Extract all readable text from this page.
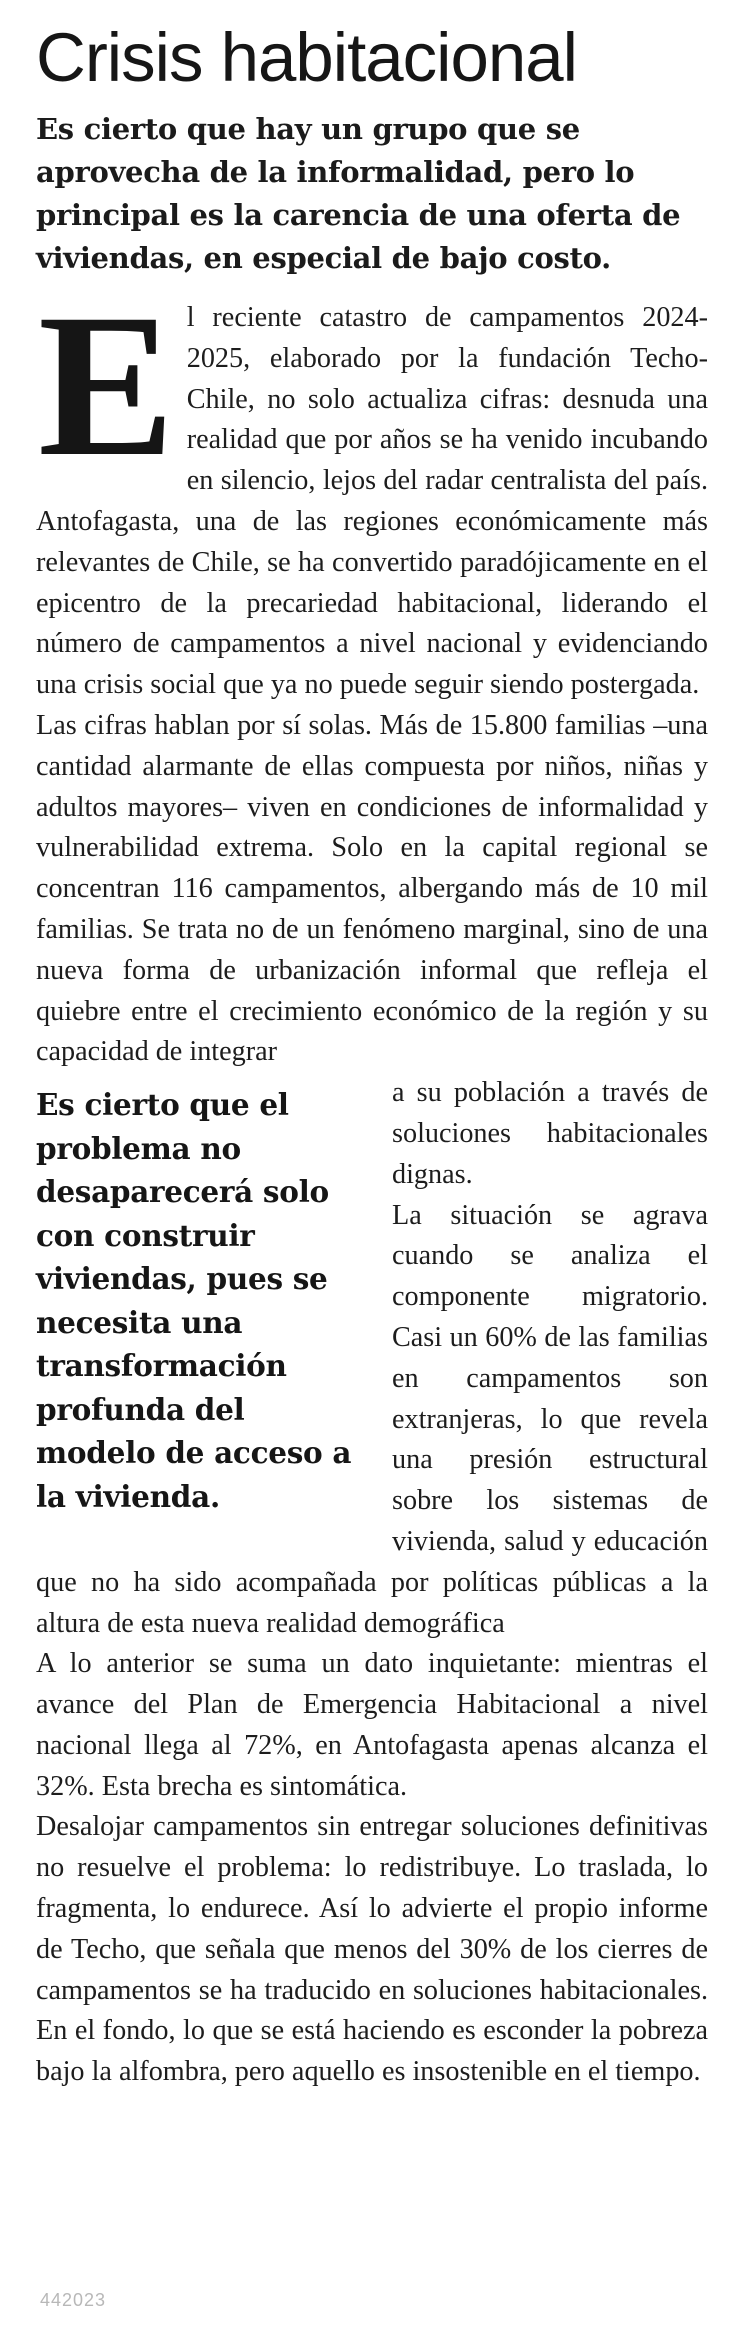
Crisis habitacional
Es cierto que hay un grupo que se aprovecha de la informalidad, pero lo principal es la carencia de una oferta de viviendas, en especial de bajo costo.
E l reciente catastro de campamentos 2024-2025, elaborado por la fundación Techo-Chile, no solo actualiza cifras: desnuda una realidad que por años se ha venido incubando en silencio, lejos del radar centralista del país. Antofagasta, una de las regiones económicamente más relevantes de Chile, se ha convertido paradójicamente en el epicentro de la precariedad habitacional, liderando el número de campamentos a nivel nacional y evidenciando una crisis social que ya no puede seguir siendo postergada.

Las cifras hablan por sí solas. Más de 15.800 familias –una cantidad alarmante de ellas compuesta por niños, niñas y adultos mayores– viven en condiciones de informalidad y vulnerabilidad extrema. Solo en la capital regional se concentran 116 campamentos, albergando más de 10 mil familias. Se trata no de un fenómeno marginal, sino de una nueva forma de urbanización informal que refleja el quiebre entre el crecimiento económico de la región y su capacidad de integrar

Es cierto que el problema no desaparecerá solo con construir viviendas, pues se necesita una transformación profunda del modelo de acceso a la vivienda.

a su población a través de soluciones habitacionales dignas.

La situación se agrava cuando se analiza el componente migratorio. Casi un 60% de las familias en campamentos son extranjeras, lo que revela una presión estructural sobre los sistemas de vivienda, salud y educación que no ha sido acompañada por políticas públicas a la altura de esta nueva realidad demográfica

A lo anterior se suma un dato inquietante: mientras el avance del Plan de Emergencia Habitacional a nivel nacional llega al 72%, en Antofagasta apenas alcanza el 32%. Esta brecha es sintomática.

Desalojar campamentos sin entregar soluciones definitivas no resuelve el problema: lo redistribuye. Lo traslada, lo fragmenta, lo endurece. Así lo advierte el propio informe de Techo, que señala que menos del 30% de los cierres de campamentos se ha traducido en soluciones habitacionales. En el fondo, lo que se está haciendo es esconder la pobreza bajo la alfombra, pero aquello es insostenible en el tiempo.

442023
